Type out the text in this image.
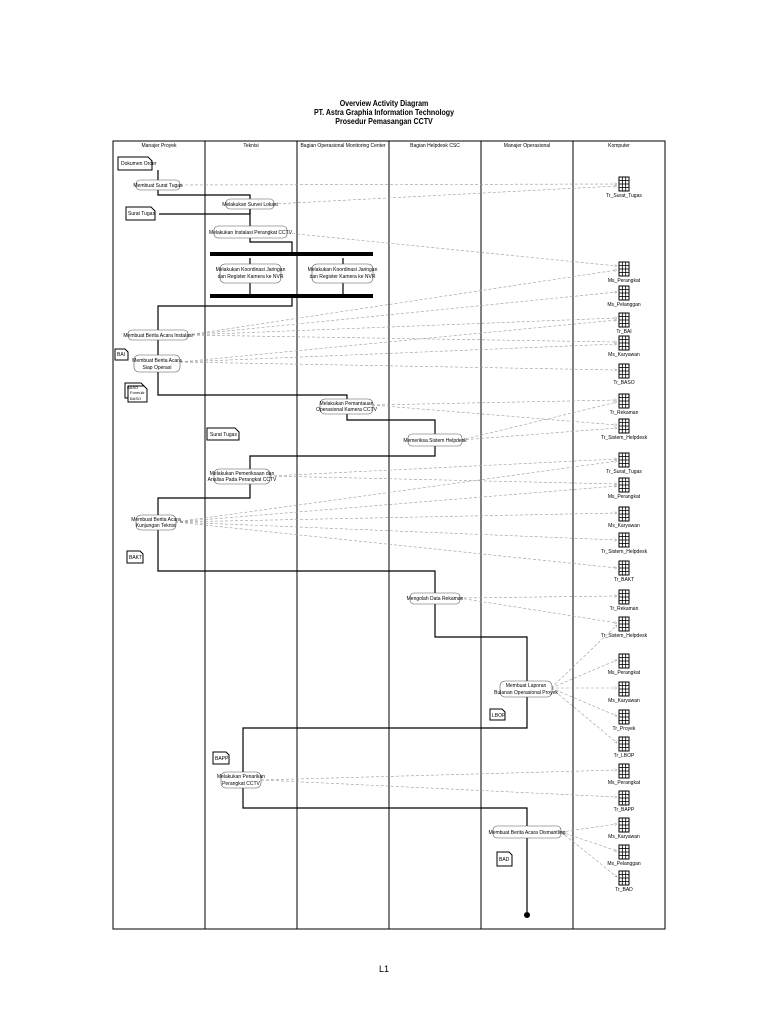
Overview Activity Diagram
PT. Astra Graphia Information Technology
Prosedur Pemasangan CCTV
Manajer Proyek	Teknisi	Bagian Operasional Monitoring Center	Bagian Helpdesk CSC	Manajer Operasional	Komputer
Membuat Surat Tugas
Melakukan Survei Lokasi
Melakukan Instalasi Perangkat CCTV
Melakukan Koordinasi Jaringan
dan Register Kamera ke NVR
Melakukan Koordinasi Jaringan
dan Register Kamera ke NVR
Membuat Berita Acara Instalasi
Membuat Berita Acara
Siap Operasi
Melakukan Pemantauan
Operasional Kamera CCTV
Memeriksa Sistem Helpdesk
Melakukan Pemeriksaan dan
Analisa Pada Perangkat CCTV
Membuat Berita Acara
Kunjungan Teknisi
Mengolah Data Rekaman
Membuat Laporan
Bulanan Operasional Proyek
Melakukan Penarikan
Perangkat CCTV
Membuat Berita Acara Dismantling
Dokumen Order
Surat Tugas
BAI
BASO
Formulir
BASO
Surat Tugas
BAKT
LBOP
BAPP
BAD
Tr_Surat_Tugas
Ms_Perangkat
Ms_Pelanggan
Tr_BAI
Ms_Karyawan
Tr_BASO
Tr_Rekaman
Tr_Sistem_Helpdesk
Tr_Surat_Tugas
Ms_Perangkat
Ms_Karyawan
Tr_Sistem_Helpdesk
Tr_BAKT
Tr_Rekaman
Tr_Sistem_Helpdesk
Ms_Perangkat
Ms_Karyawan
Tr_Proyek
Tr_LBOP
Ms_Perangkat
Tr_BAPP
Ms_Karyawan
Ms_Pelanggan
Tr_BAD
L1
